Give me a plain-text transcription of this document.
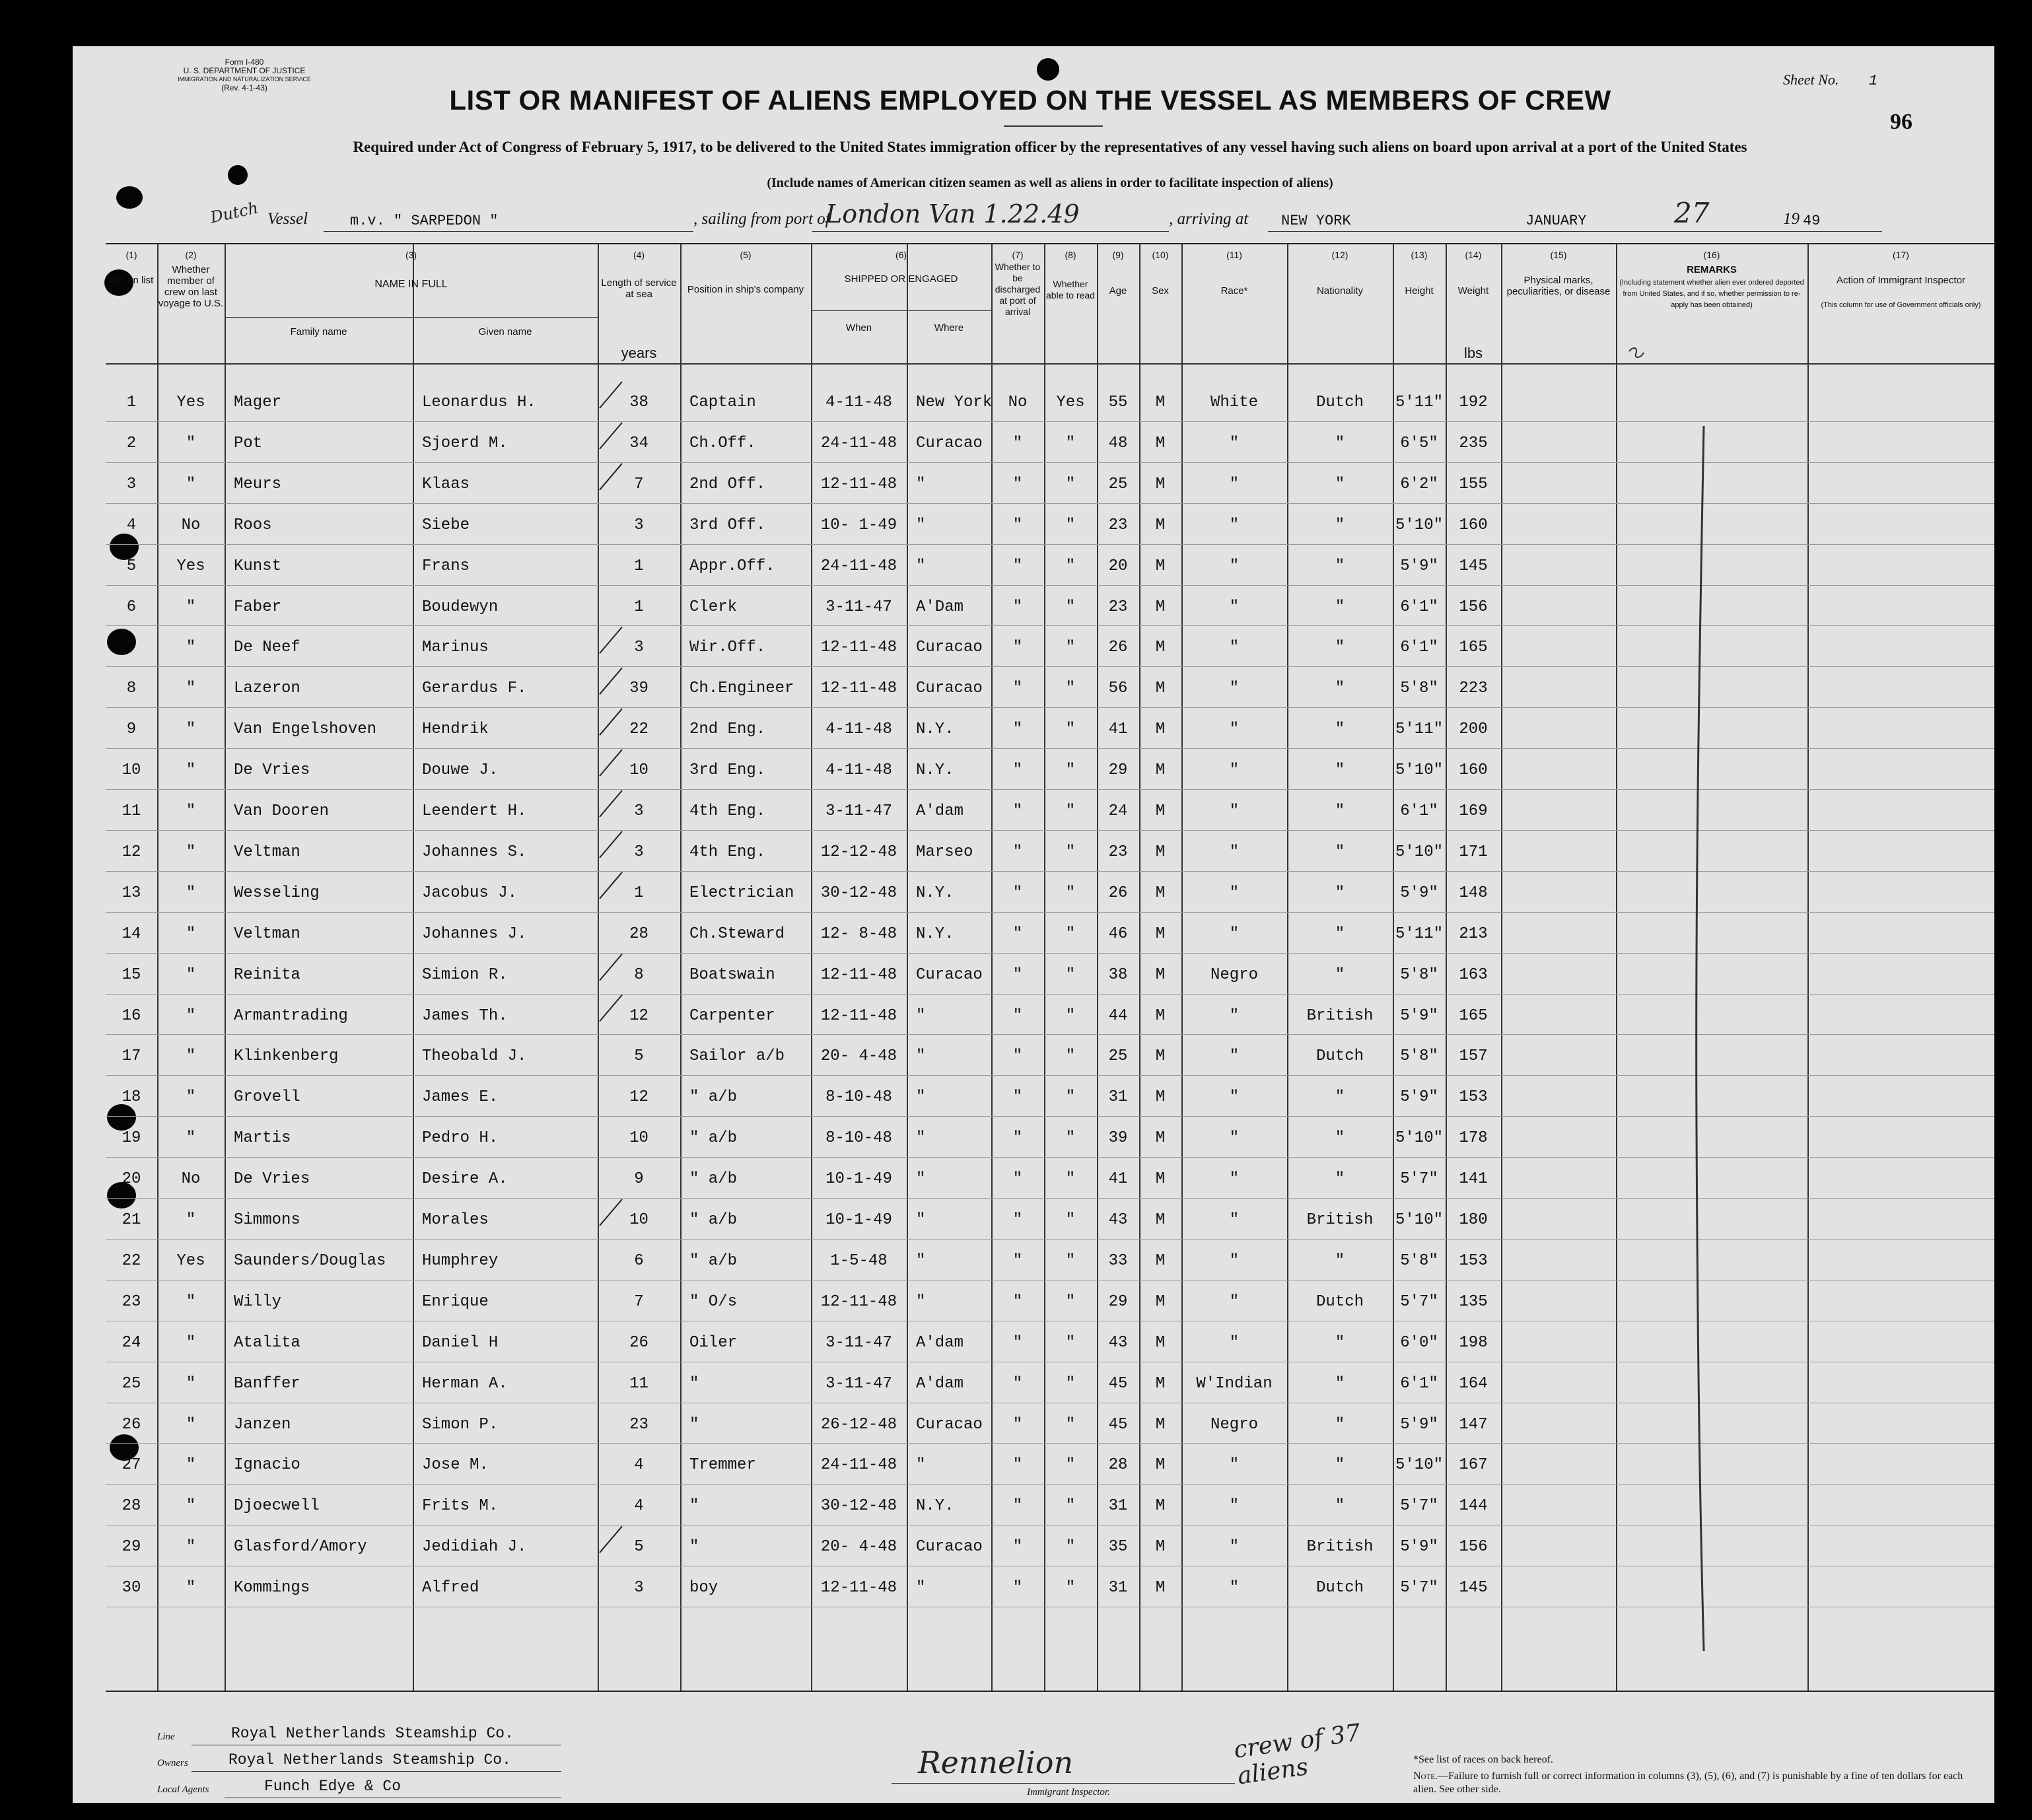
Form I-480
U. S. DEPARTMENT OF JUSTICE
IMMIGRATION AND NATURALIZATION SERVICE
(Rev. 4-1-43)	Sheet No. 1
96
LIST OR MANIFEST OF ALIENS EMPLOYED ON THE VESSEL AS MEMBERS OF CREW
Required under Act of Congress of February 5, 1917, to be delivered to the United States immigration officer by the representatives of any vessel having such aliens on board upon arrival at a port of the United States
(Include names of American citizen seamen as well as aliens in order to facilitate inspection of aliens)
Dutch Vessel	m.v. " SARPEDON "	, sailing from port of
London Van 1.22.49	, arriving at NEW YORK	JANUARY	27	19 49
(1)	(2)	(3)	(4)	(5)	(6)	(7)	(8)	(9)	(10)	(11)	(12)	(13)	(14)	(15)	(16)	(17)
No. on list
Whether member of crew on last voyage to U.S.
NAME IN FULL
Family name	Given name
Length of service at sea
years
Position in ship's company
SHIPPED OR ENGAGED
When	Where
Whether to be discharged at port of arrival
Whether able to read	Age	Sex	Race*	Nationality	Height	Weight
lbs
Physical marks, peculiarities, or disease
REMARKS
(Including statement whether alien ever ordered deported from United States, and if so, whether permission to re-apply has been obtained)
Action of Immigrant Inspector
(This column for use of Government officials only)
1	Yes	Mager	Leonardus H.	38	Captain	4-11-48	New York	No	Yes	55	M	White	Dutch	5'11"	192
2	"	Pot	Sjoerd M.	34	Ch.Off.	24-11-48	Curacao	"	"	48	M	"	"	6'5"	235
3	"	Meurs	Klaas	7	2nd Off.	12-11-48	"	"	"	25	M	"	"	6'2"	155
4	No	Roos	Siebe	3	3rd Off.	10- 1-49	"	"	"	23	M	"	"	5'10"	160
5	Yes	Kunst	Frans	1	Appr.Off.	24-11-48	"	"	"	20	M	"	"	5'9"	145
6	"	Faber	Boudewyn	1	Clerk	3-11-47	A'Dam	"	"	23	M	"	"	6'1"	156
7	"	De Neef	Marinus	3	Wir.Off.	12-11-48	Curacao	"	"	26	M	"	"	6'1"	165
8	"	Lazeron	Gerardus F.	39	Ch.Engineer	12-11-48	Curacao	"	"	56	M	"	"	5'8"	223
9	"	Van Engelshoven	Hendrik	22	2nd Eng.	4-11-48	N.Y.	"	"	41	M	"	"	5'11"	200
10	"	De Vries	Douwe J.	10	3rd Eng.	4-11-48	N.Y.	"	"	29	M	"	"	5'10"	160
11	"	Van Dooren	Leendert H.	3	4th Eng.	3-11-47	A'dam	"	"	24	M	"	"	6'1"	169
12	"	Veltman	Johannes S.	3	4th Eng.	12-12-48	Marseo	"	"	23	M	"	"	5'10"	171
13	"	Wesseling	Jacobus J.	1	Electrician	30-12-48	N.Y.	"	"	26	M	"	"	5'9"	148
14	"	Veltman	Johannes J.	28	Ch.Steward	12- 8-48	N.Y.	"	"	46	M	"	"	5'11"	213
15	"	Reinita	Simion R.	8	Boatswain	12-11-48	Curacao	"	"	38	M	Negro	"	5'8"	163
16	"	Armantrading	James Th.	12	Carpenter	12-11-48	"	"	"	44	M	"	British	5'9"	165
17	"	Klinkenberg	Theobald J.	5	Sailor a/b	20- 4-48	"	"	"	25	M	"	Dutch	5'8"	157
18	"	Grovell	James E.	12	" a/b	8-10-48	"	"	"	31	M	"	"	5'9"	153
19	"	Martis	Pedro H.	10	" a/b	8-10-48	"	"	"	39	M	"	"	5'10"	178
20	No	De Vries	Desire A.	9	" a/b	10-1-49	"	"	"	41	M	"	"	5'7"	141
21	"	Simmons	Morales	10	" a/b	10-1-49	"	"	"	43	M	"	British	5'10"	180
22	Yes	Saunders/Douglas	Humphrey	6	" a/b	1-5-48	"	"	"	33	M	"	"	5'8"	153
23	"	Willy	Enrique	7	" O/s	12-11-48	"	"	"	29	M	"	Dutch	5'7"	135
24	"	Atalita	Daniel H	26	Oiler	3-11-47	A'dam	"	"	43	M	"	"	6'0"	198
25	"	Banffer	Herman A.	11	"	3-11-47	A'dam	"	"	45	M	W'Indian	"	6'1"	164
26	"	Janzen	Simon P.	23	"	26-12-48	Curacao	"	"	45	M	Negro	"	5'9"	147
27	"	Ignacio	Jose M.	4	Tremmer	24-11-48	"	"	"	28	M	"	"	5'10"	167
28	"	Djoecwell	Frits M.	4	"	30-12-48	N.Y.	"	"	31	M	"	"	5'7"	144
29	"	Glasford/Amory	Jedidiah J.	5	"	20- 4-48	Curacao	"	"	35	M	"	British	5'9"	156
30	"	Kommings	Alfred	3	boy	12-11-48	"	"	"	31	M	"	Dutch	5'7"	145
Line	Royal Netherlands Steamship Co.
Owners	Royal Netherlands Steamship Co.
Local Agents	Funch Edye & Co
Rennelion
Immigrant Inspector.
crew of 37 aliens	*See list of races on back hereof.
Note.—Failure to furnish full or correct information in columns (3), (5), (6), and (7) is punishable by a fine of ten dollars for each alien. See other side.
